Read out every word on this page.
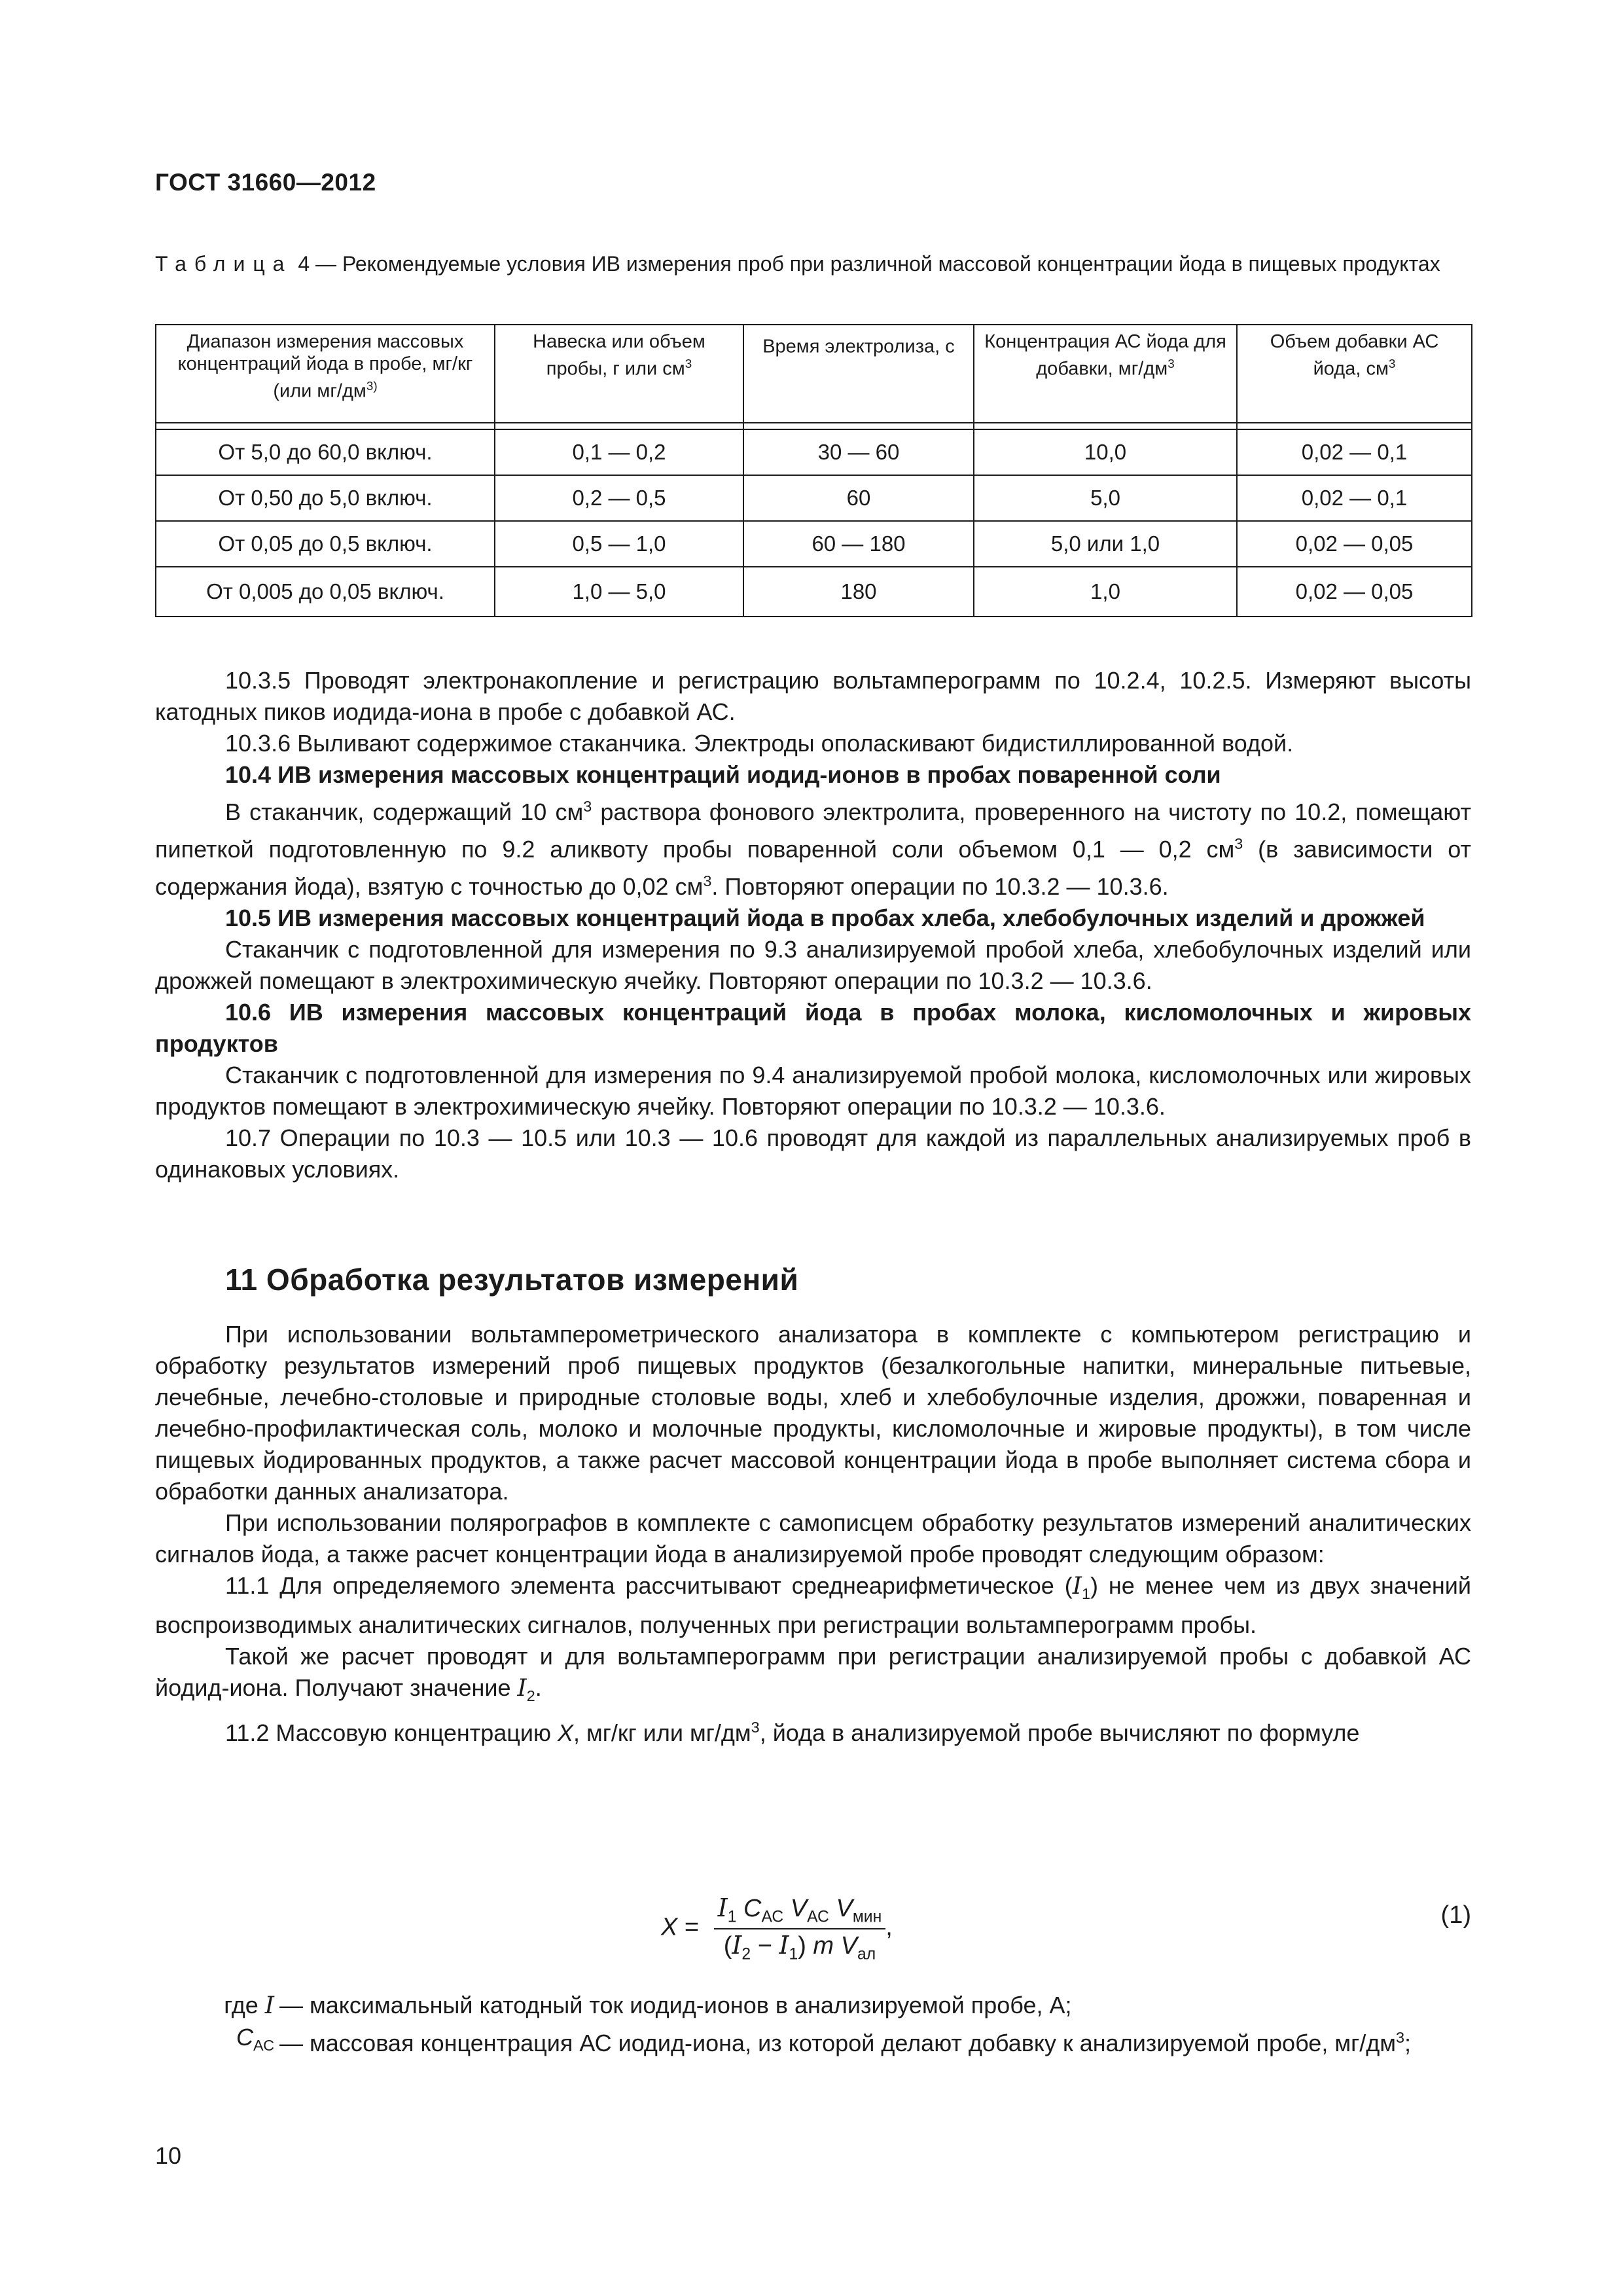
ГОСТ 31660—2012
Таблица 4 — Рекомендуемые условия ИВ измерения проб при различной массовой концентрации йода в пищевых продуктах
Диапазон измерения массовых концентраций йода в пробе, мг/кг (или $мг/дм^{3)}$	Навеска или объем пробы, г или $см^3$	Время электролиза, с	Концентрация АС йода для добавки, $мг/дм^3$	Объем добавки АС йода, $см^3$

От 5,0 до 60,0 включ.	0,1 — 0,2	30 — 60	10,0	0,02 — 0,1
От 0,50 до 5,0 включ.	0,2 — 0,5	60	5,0	0,02 — 0,1
От 0,05 до 0,5 включ.	0,5 — 1,0	60 — 180	5,0 или 1,0	0,02 — 0,05
От 0,005 до 0,05 включ.	1,0 — 5,0	180	1,0	0,02 — 0,05

10.3.5 Проводят электронакопление и регистрацию вольтамперограмм по 10.2.4, 10.2.5. Измеряют высоты катодных пиков иодида-иона в пробе с добавкой АС.

10.3.6 Выливают содержимое стаканчика. Электроды ополаскивают бидистиллированной водой.

10.4 ИВ измерения массовых концентраций иодид-ионов в пробах поваренной соли

В стаканчик, содержащий 10 $см^3$ раствора фонового электролита, проверенного на чистоту по 10.2, помещают пипеткой подготовленную по 9.2 аликвоту пробы поваренной соли объемом 0,1 — 0,2 $см^3$ (в зависимости от содержания йода), взятую с точностью до 0,02 $см^3$. Повторяют операции по 10.3.2 — 10.3.6.

10.5 ИВ измерения массовых концентраций йода в пробах хлеба, хлебобулочных изделий и дрожжей

Стаканчик с подготовленной для измерения по 9.3 анализируемой пробой хлеба, хлебобулочных изделий или дрожжей помещают в электрохимическую ячейку. Повторяют операции по 10.3.2 — 10.3.6.

10.6 ИВ измерения массовых концентраций йода в пробах молока, кисломолочных и жировых продуктов

Стаканчик с подготовленной для измерения по 9.4 анализируемой пробой молока, кисломолочных или жировых продуктов помещают в электрохимическую ячейку. Повторяют операции по 10.3.2 — 10.3.6.

10.7 Операции по 10.3 — 10.5 или 10.3 — 10.6 проводят для каждой из параллельных анализируемых проб в одинаковых условиях.

11 Обработка результатов измерений

При использовании вольтамперометрического анализатора в комплекте с компьютером регистрацию и обработку результатов измерений проб пищевых продуктов (безалкогольные напитки, минеральные питьевые, лечебные, лечебно-столовые и природные столовые воды, хлеб и хлебобулочные изделия, дрожжи, поваренная и лечебно-профилактическая соль, молоко и молочные продукты, кисломолочные и жировые продукты), в том числе пищевых йодированных продуктов, а также расчет массовой концентрации йода в пробе выполняет система сбора и обработки данных анализатора.

При использовании полярографов в комплекте с самописцем обработку результатов измерений аналитических сигналов йода, а также расчет концентрации йода в анализируемой пробе проводят следующим образом:

11.1 Для определяемого элемента рассчитывают среднеарифметическое $(I_1)$ не менее чем из двух значений воспроизводимых аналитических сигналов, полученных при регистрации вольтамперограмм пробы.

Такой же расчет проводят и для вольтамперограмм при регистрации анализируемой пробы с добавкой АС йодид-иона. Получают значение $I_2$.

11.2 Массовую концентрацию X, мг/кг или $мг/дм^3$, йода в анализируемой пробе вычисляют по формуле

$X = \frac{I_1 C_{АС} V_{АС} V_{мин}}{(I_2 - I_1) m V_{ал}}$ ,	(1)
где I — максимальный катодный ток иодид-ионов в анализируемой пробе, А;
$C_{АС}$ — массовая концентрация АС иодид-иона, из которой делают добавку к анализируемой пробе, $мг/дм^3$;
10
